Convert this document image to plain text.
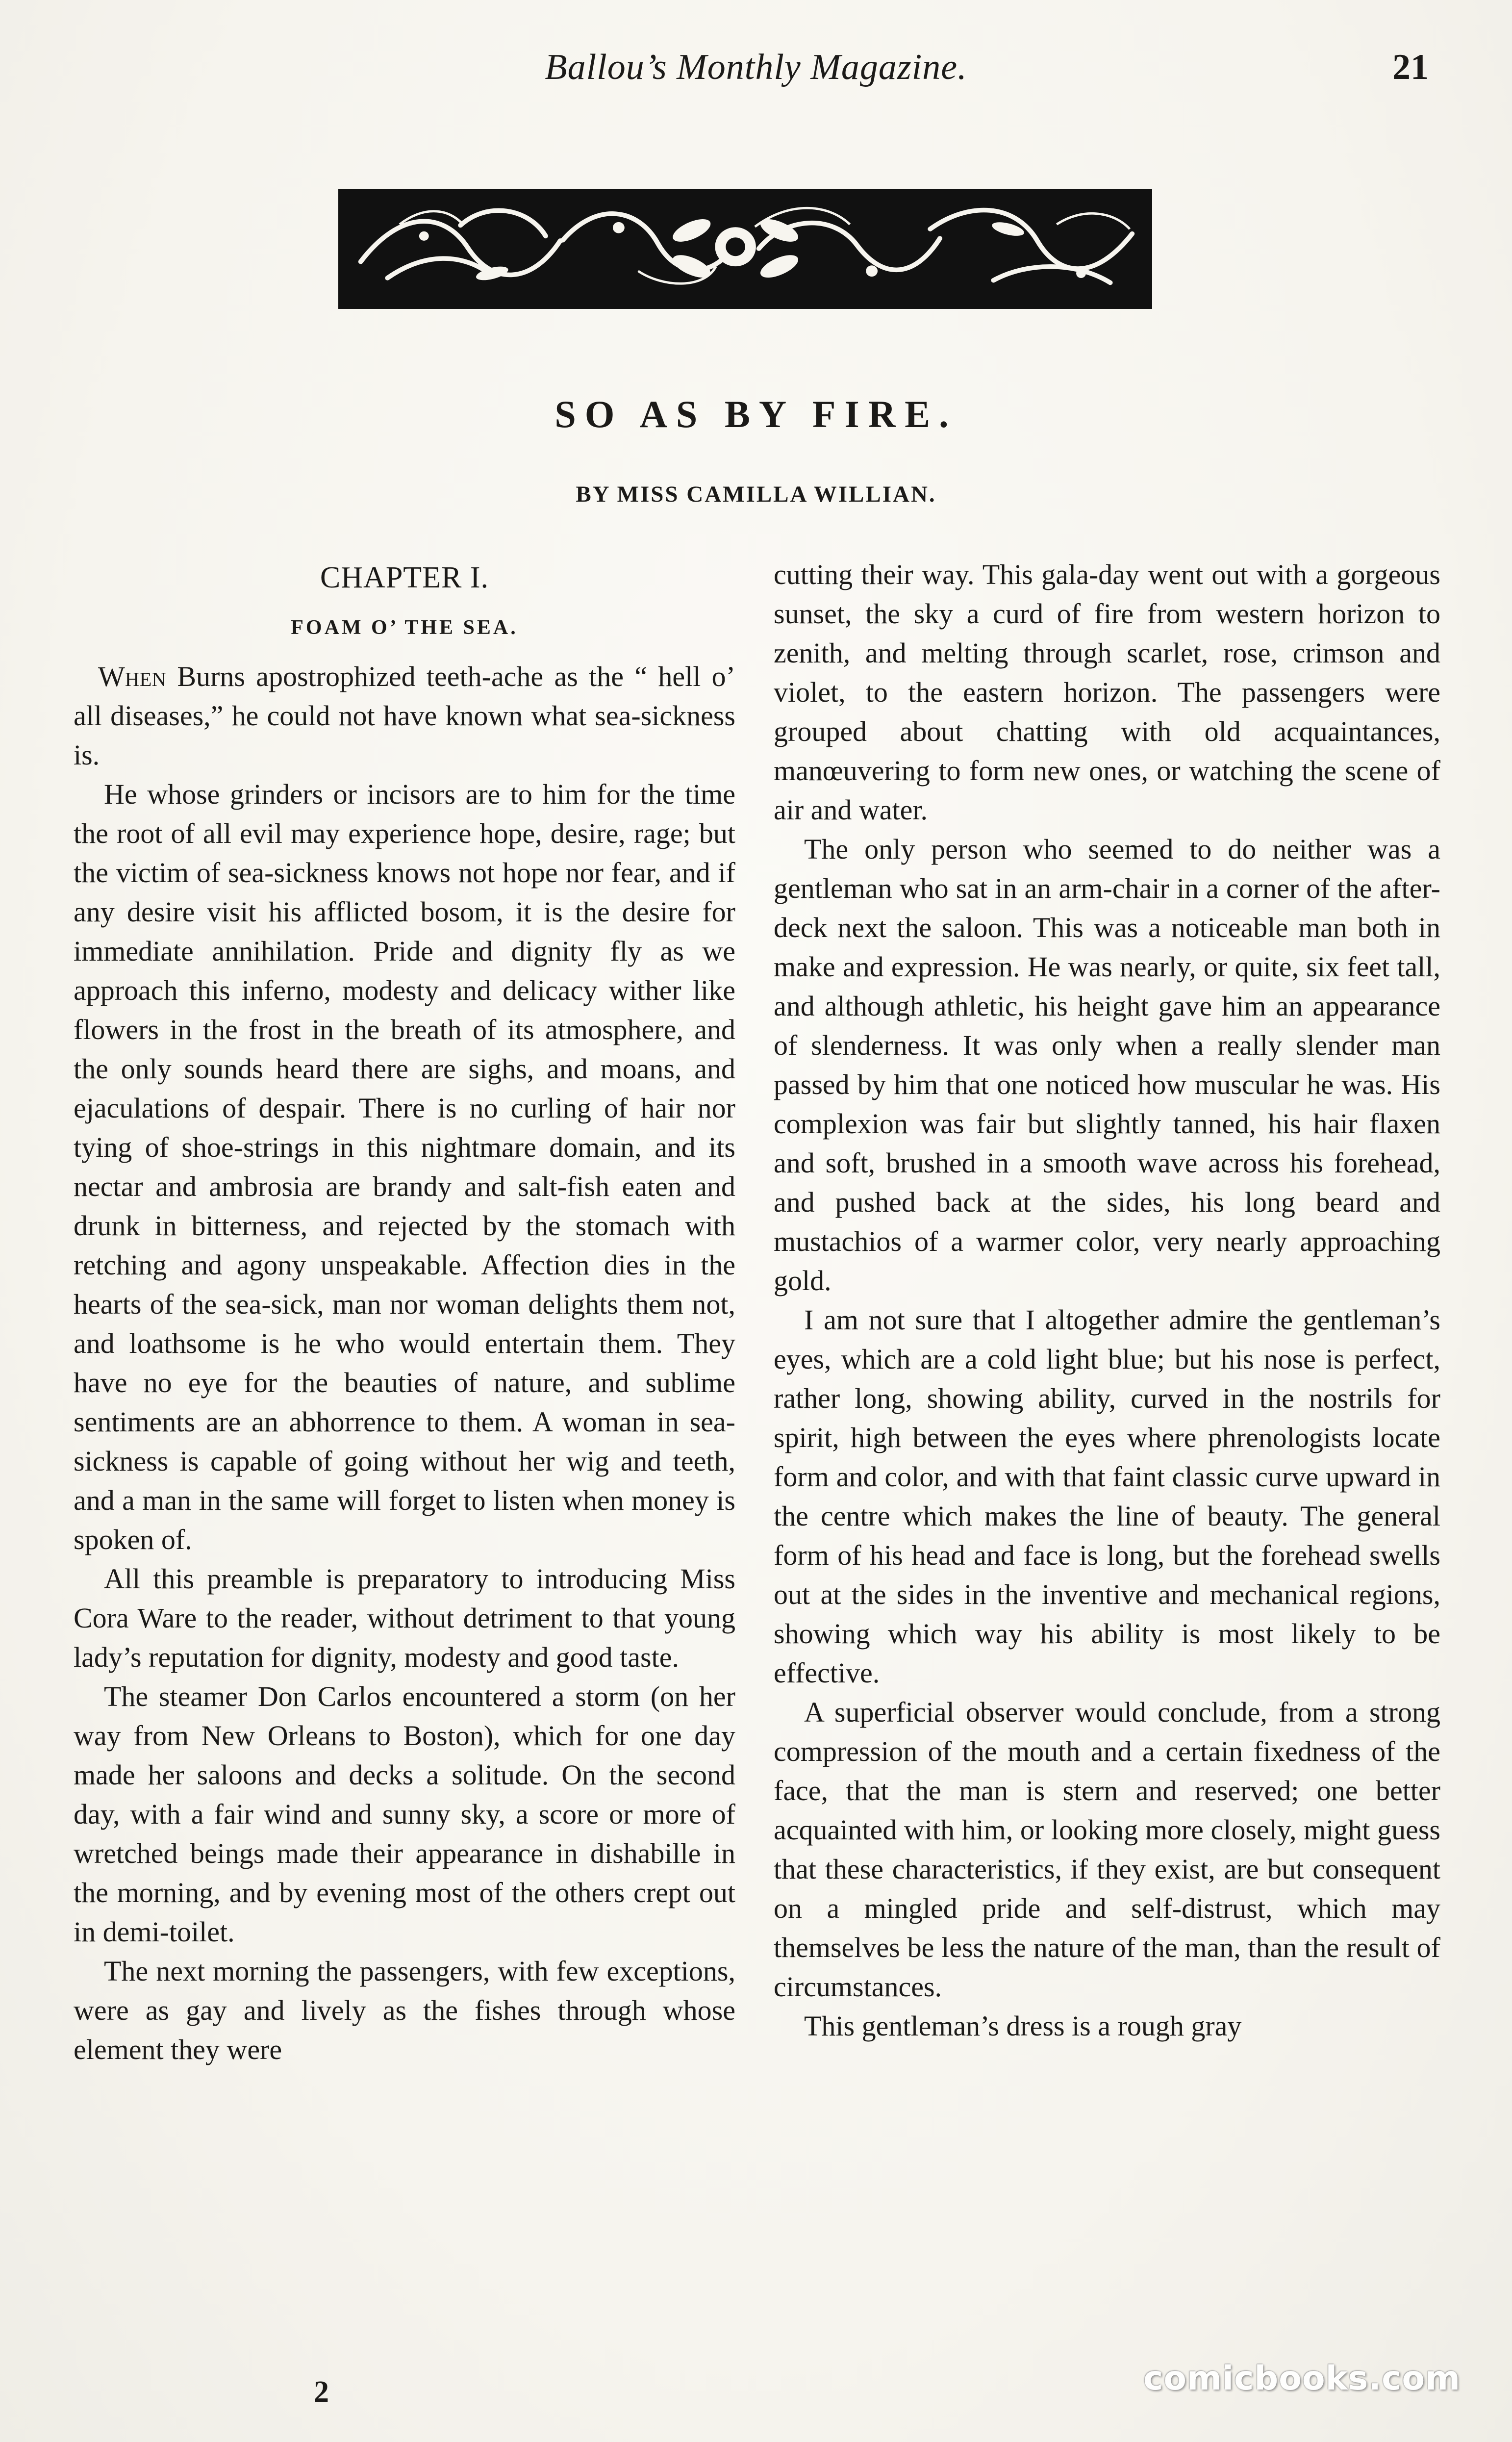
Ballou’s Monthly Magazine.	21
SO AS BY FIRE.
BY MISS CAMILLA WILLIAN.
CHAPTER I.
FOAM O’ THE SEA.

When Burns apostrophized teeth-ache as the “ hell o’ all diseases,” he could not have known what sea-sickness is.

He whose grinders or incisors are to him for the time the root of all evil may experience hope, desire, rage; but the victim of sea-sickness knows not hope nor fear, and if any desire visit his afflicted bosom, it is the desire for immediate annihilation. Pride and dignity fly as we approach this inferno, modesty and delicacy wither like flowers in the frost in the breath of its atmosphere, and the only sounds heard there are sighs, and moans, and ejaculations of despair. There is no curling of hair nor tying of shoe-strings in this nightmare domain, and its nectar and ambrosia are brandy and salt-fish eaten and drunk in bitterness, and rejected by the stomach with retching and agony unspeakable. Affection dies in the hearts of the sea-sick, man nor woman delights them not, and loathsome is he who would entertain them. They have no eye for the beauties of nature, and sublime sentiments are an abhorrence to them. A woman in sea-sickness is capable of going without her wig and teeth, and a man in the same will forget to listen when money is spoken of.

All this preamble is preparatory to introducing Miss Cora Ware to the reader, without detriment to that young lady’s reputation for dignity, modesty and good taste.

The steamer Don Carlos encountered a storm (on her way from New Orleans to Boston), which for one day made her saloons and decks a solitude. On the second day, with a fair wind and sunny sky, a score or more of wretched beings made their appearance in dishabille in the morning, and by evening most of the others crept out in demi-toilet.

The next morning the passengers, with few exceptions, were as gay and lively as the fishes through whose element they were

cutting their way. This gala-day went out with a gorgeous sunset, the sky a curd of fire from western horizon to zenith, and melting through scarlet, rose, crimson and violet, to the eastern horizon. The passengers were grouped about chatting with old acquaintances, manœuvering to form new ones, or watching the scene of air and water.

The only person who seemed to do neither was a gentleman who sat in an arm-chair in a corner of the after-deck next the saloon. This was a noticeable man both in make and expression. He was nearly, or quite, six feet tall, and although athletic, his height gave him an appearance of slenderness. It was only when a really slender man passed by him that one noticed how muscular he was. His complexion was fair but slightly tanned, his hair flaxen and soft, brushed in a smooth wave across his forehead, and pushed back at the sides, his long beard and mustachios of a warmer color, very nearly approaching gold.

I am not sure that I altogether admire the gentleman’s eyes, which are a cold light blue; but his nose is perfect, rather long, showing ability, curved in the nostrils for spirit, high between the eyes where phrenologists locate form and color, and with that faint classic curve upward in the centre which makes the line of beauty. The general form of his head and face is long, but the forehead swells out at the sides in the inventive and mechanical regions, showing which way his ability is most likely to be effective.

A superficial observer would conclude, from a strong compression of the mouth and a certain fixedness of the face, that the man is stern and reserved; one better acquainted with him, or looking more closely, might guess that these characteristics, if they exist, are but consequent on a mingled pride and self-distrust, which may themselves be less the nature of the man, than the result of circumstances.

This gentleman’s dress is a rough gray

2	comicbooks.com
